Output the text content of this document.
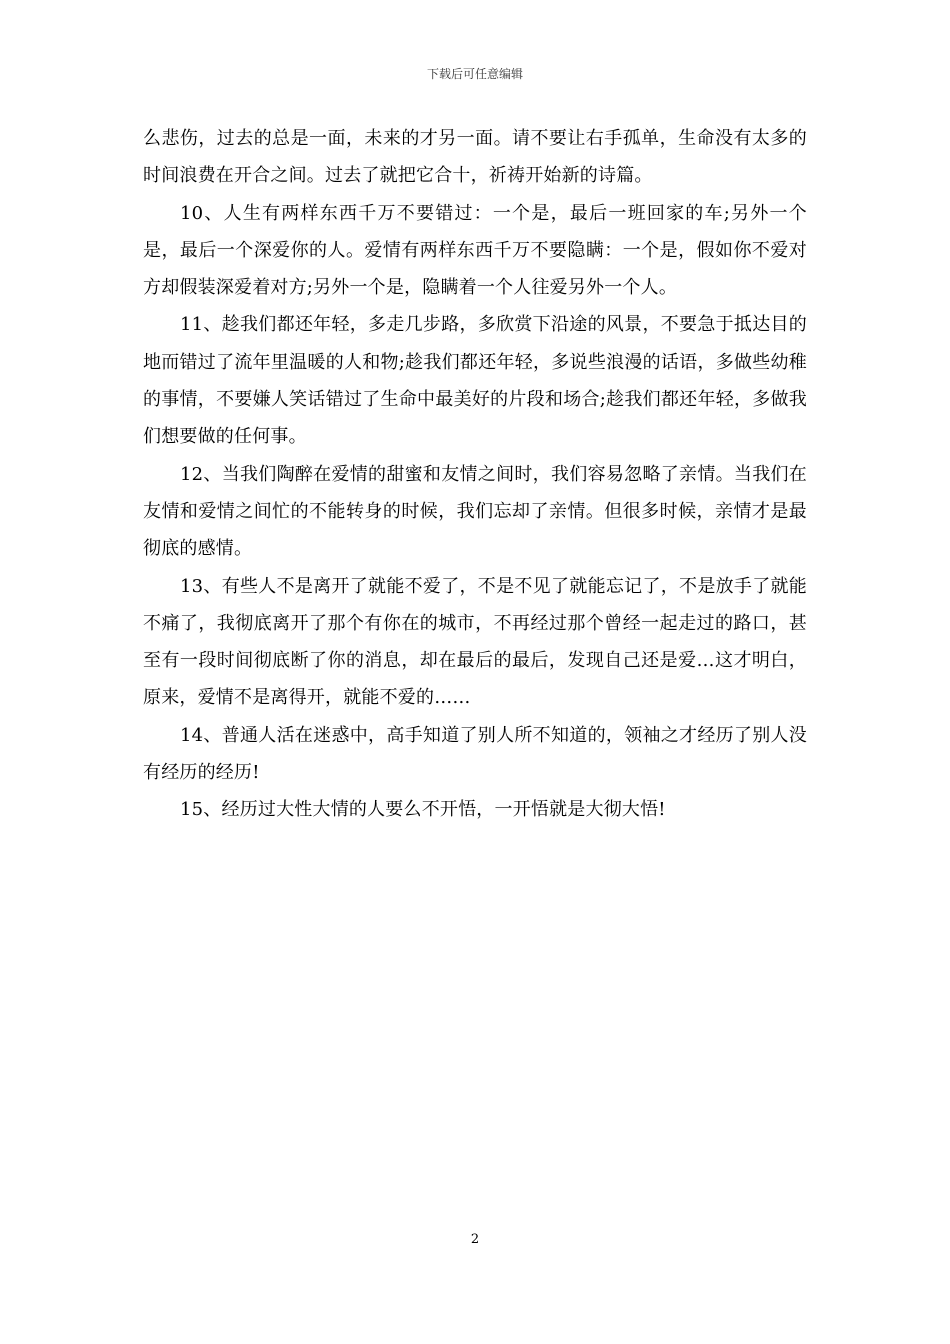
下载后可任意编辑

么悲伤，过去的总是一面，未来的才另一面。请不要让右手孤单，生命没有太多的时间浪费在开合之间。过去了就把它合十，祈祷开始新的诗篇。

10、人生有两样东西千万不要错过：一个是，最后一班回家的车;另外一个是，最后一个深爱你的人。爱情有两样东西千万不要隐瞒：一个是，假如你不爱对方却假装深爱着对方;另外一个是，隐瞒着一个人往爱另外一个人。

11、趁我们都还年轻，多走几步路，多欣赏下沿途的风景，不要急于抵达目的地而错过了流年里温暖的人和物;趁我们都还年轻，多说些浪漫的话语，多做些幼稚的事情，不要嫌人笑话错过了生命中最美好的片段和场合;趁我们都还年轻，多做我们想要做的任何事。

12、当我们陶醉在爱情的甜蜜和友情之间时，我们容易忽略了亲情。当我们在友情和爱情之间忙的不能转身的时候，我们忘却了亲情。但很多时候，亲情才是最彻底的感情。

13、有些人不是离开了就能不爱了，不是不见了就能忘记了，不是放手了就能不痛了，我彻底离开了那个有你在的城市，不再经过那个曾经一起走过的路口，甚至有一段时间彻底断了你的消息，却在最后的最后，发现自己还是爱…这才明白，原来，爱情不是离得开，就能不爱的……

14、普通人活在迷惑中，高手知道了别人所不知道的，领袖之才经历了别人没有经历的经历!

15、经历过大性大情的人要么不开悟，一开悟就是大彻大悟!

2
